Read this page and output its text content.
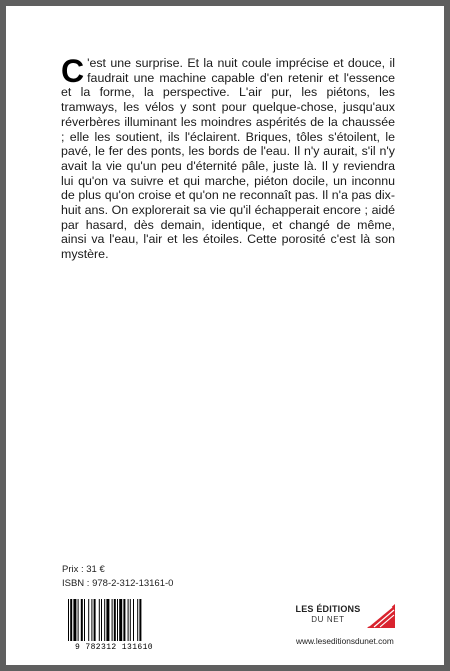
C 'est une surprise. Et la nuit coule imprécise et douce, il faudrait une machine capable d'en retenir et l'essence et la forme, la perspective. L'air pur, les piétons, les tramways, les vélos y sont pour quelque-chose, jusqu'aux réverbères illuminant les moindres aspérités de la chaussée ; elle les soutient, ils l'éclairent. Briques, tôles s'étoilent, le pavé, le fer des ponts, les bords de l'eau. Il n'y aurait, s'il n'y avait la vie qu'un peu d'éternité pâle, juste là. Il y reviendra lui qu'on va suivre et qui marche, piéton docile, un inconnu de plus qu'on croise et qu'on ne reconnaît pas. Il n'a pas dix-huit ans. On explorerait sa vie qu'il échapperait encore ; aidé par hasard, dès demain, identique, et changé de même, ainsi va l'eau, l'air et les étoiles. Cette porosité c'est là son mystère.
Prix : 31 €
ISBN : 978-2-312-13161-0
9 782312 131610
LES ÉDITIONS
DU NET
www.leseditionsdunet.com
